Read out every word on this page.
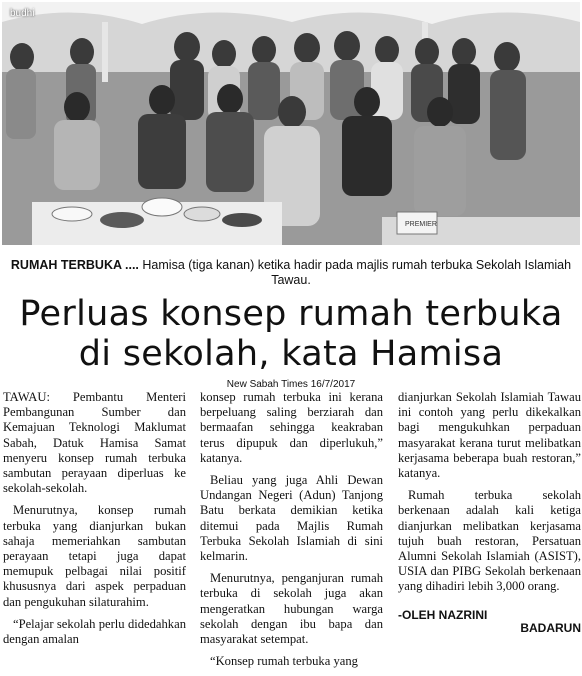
PREMIER
budhi
RUMAH TERBUKA .... Hamisa (tiga kanan) ketika hadir pada majlis rumah terbuka Sekolah Islamiah Tawau.
Perluas konsep rumah terbuka
di sekolah, kata Hamisa
New Sabah Times 16/7/2017

TAWAU: Pembantu Menteri Pembangunan Sumber dan Kemajuan Teknologi Maklumat Sabah, Datuk Hamisa Samat menyeru konsep rumah terbuka sambutan perayaan diperluas ke sekolah-sekolah.

Menurutnya, konsep rumah terbuka yang dianjurkan bukan sahaja memeriahkan sambutan perayaan tetapi juga dapat memupuk pelbagai nilai positif khususnya dari aspek perpaduan dan pengukuhan silaturahim.

“Pelajar sekolah perlu didedahkan dengan amalan

konsep rumah terbuka ini kerana berpeluang saling berziarah dan bermaafan sehingga keakraban terus dipupuk dan diperlukuh,” katanya.

Beliau yang juga Ahli Dewan Undangan Negeri (Adun) Tanjong Batu berkata demikian ketika ditemui pada Majlis Rumah Terbuka Sekolah Islamiah di sini kelmarin.

Menurutnya, penganjuran rumah terbuka di sekolah juga akan mengeratkan hubungan warga sekolah dengan ibu bapa dan masyarakat setempat.

“Konsep rumah terbuka yang

dianjurkan Sekolah Islamiah Tawau ini contoh yang perlu dikekalkan bagi mengukuhkan perpaduan masyarakat kerana turut melibatkan kerjasama beberapa buah restoran,” katanya.

Rumah terbuka sekolah berkenaan adalah kali ketiga dianjurkan melibatkan kerjasama tujuh buah restoran, Persatuan Alumni Sekolah Islamiah (ASIST), USIA dan PIBG Sekolah berkenaan yang dihadiri lebih 3,000 orang.

-OLEH NAZRINI
BADARUN
